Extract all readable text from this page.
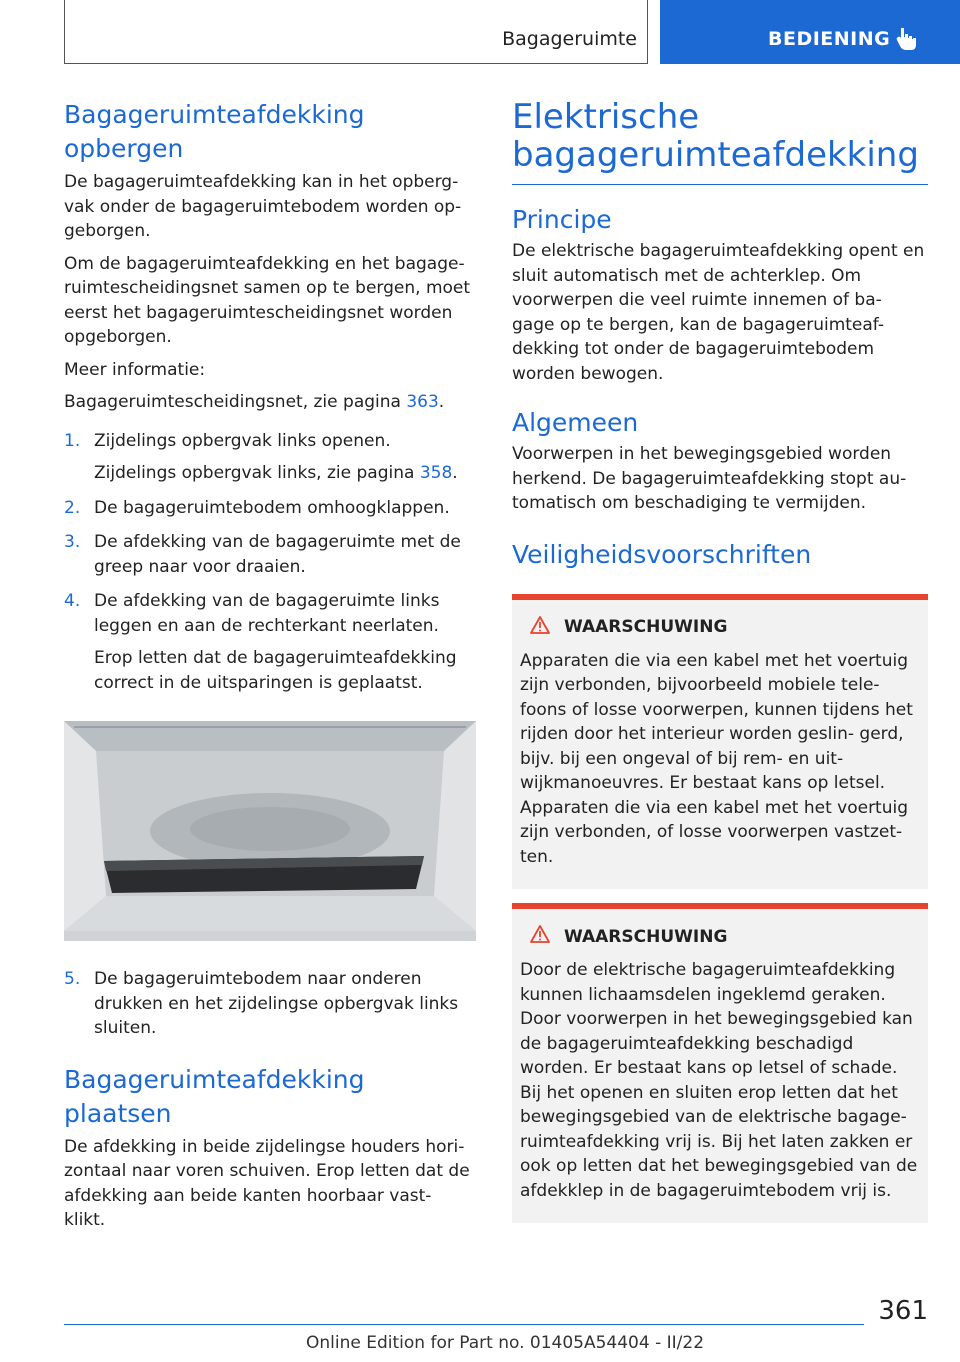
Bagageruimte	BEDIENING
Bagageruimteafdekking opbergen

De bagageruimteafdekking kan in het opberg- vak onder de bagageruimtebodem worden op- geborgen.

Om de bagageruimteafdekking en het bagage- ruimtescheidingsnet samen op te bergen, moet eerst het bagageruimtescheidingsnet worden opgeborgen.

Meer informatie:

Bagageruimtescheidingsnet, zie pagina 363.

1. Zijdelings opbergvak links openen.

Zijdelings opbergvak links, zie pagina 358.

2. De bagageruimtebodem omhoogklappen.

3. De afdekking van de bagageruimte met de greep naar voor draaien.

4. De afdekking van de bagageruimte links leggen en aan de rechterkant neerlaten.

Erop letten dat de bagageruimteafdekking correct in de uitsparingen is geplaatst.

5. De bagageruimtebodem naar onderen drukken en het zijdelingse opbergvak links sluiten.

Bagageruimteafdekking plaatsen

De afdekking in beide zijdelingse houders hori- zontaal naar voren schuiven. Erop letten dat de afdekking aan beide kanten hoorbaar vast- klikt.

Elektrische bagageruimteafdekking
Principe

De elektrische bagageruimteafdekking opent en sluit automatisch met de achterklep. Om voorwerpen die veel ruimte innemen of ba- gage op te bergen, kan de bagageruimteaf- dekking tot onder de bagageruimtebodem worden bewogen.

Algemeen

Voorwerpen in het bewegingsgebied worden herkend. De bagageruimteafdekking stopt au- tomatisch om beschadiging te vermijden.

Veiligheidsvoorschriften
WAARSCHUWING

Apparaten die via een kabel met het voertuig zijn verbonden, bijvoorbeeld mobiele tele- foons of losse voorwerpen, kunnen tijdens het rijden door het interieur worden geslin- gerd, bijv. bij een ongeval of bij rem- en uit- wijkmanoeuvres. Er bestaat kans op letsel.

Apparaten die via een kabel met het voertuig zijn verbonden, of losse voorwerpen vastzet- ten.

WAARSCHUWING

Door de elektrische bagageruimteafdekking kunnen lichaamsdelen ingeklemd geraken. Door voorwerpen in het bewegingsgebied kan de bagageruimteafdekking beschadigd worden. Er bestaat kans op letsel of schade.

Bij het openen en sluiten erop letten dat het bewegingsgebied van de elektrische bagage- ruimteafdekking vrij is. Bij het laten zakken er ook op letten dat het bewegingsgebied van de afdekklep in de bagageruimtebodem vrij is.

361
Online Edition for Part no. 01405A54404 - II/22
